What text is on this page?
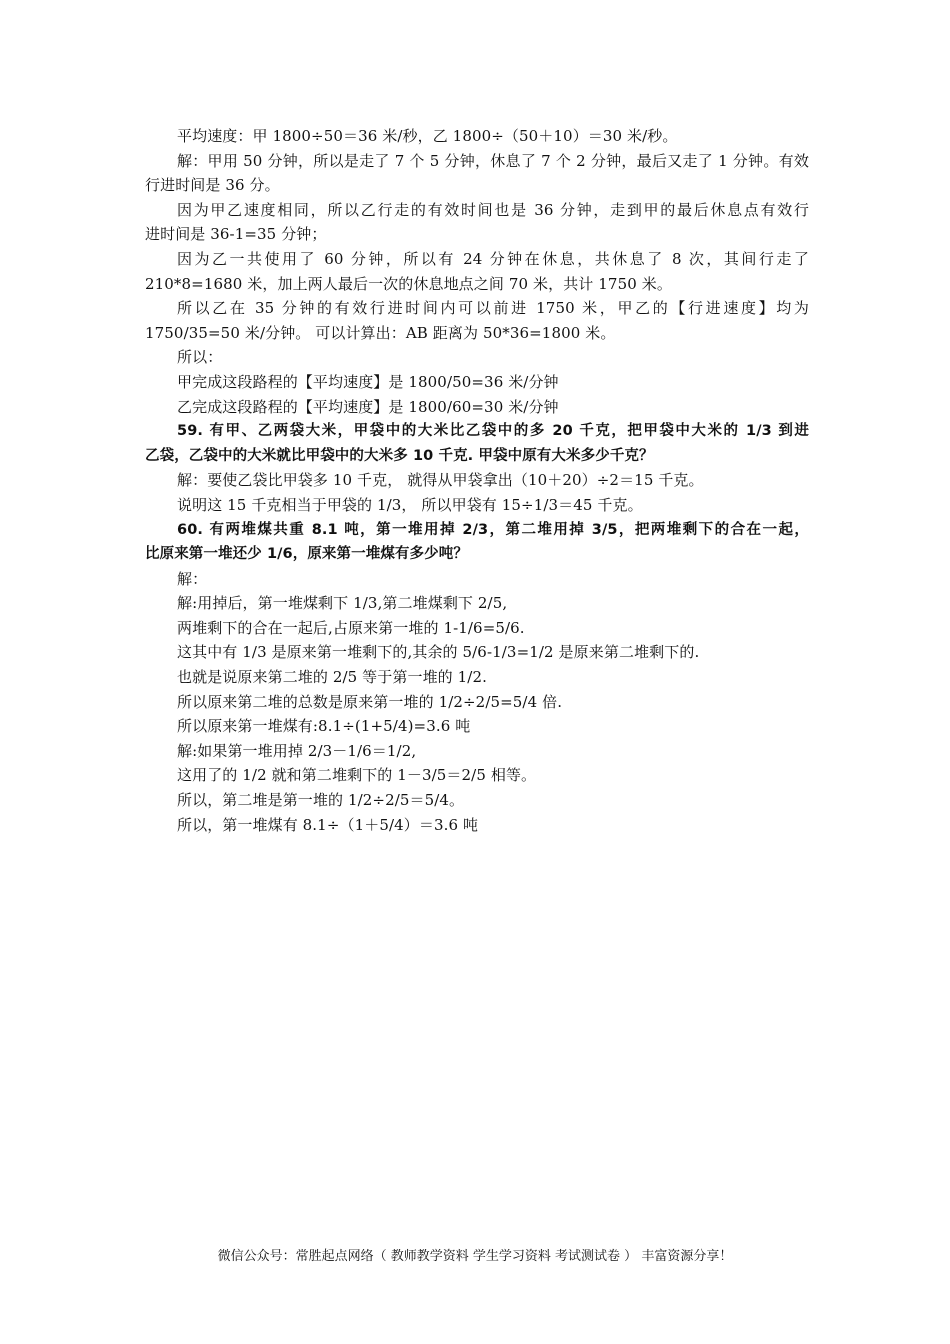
平均速度：甲 1800÷50＝36 米/秒，乙 1800÷（50＋10）＝30 米/秒。
解：甲用 50 分钟，所以是走了 7 个 5 分钟，休息了 7 个 2 分钟，最后又走了 1 分钟。有效
行进时间是 36 分。
因为甲乙速度相同，所以乙行走的有效时间也是 36 分钟，走到甲的最后休息点有效行
进时间是 36-1=35 分钟；
因为乙一共使用了 60 分钟，所以有 24 分钟在休息，共休息了 8 次，其间行走了
210*8=1680 米，加上两人最后一次的休息地点之间 70 米，共计 1750 米。
所以乙在 35 分钟的有效行进时间内可以前进 1750 米，甲乙的【行进速度】均为
1750/35=50 米/分钟。 可以计算出：AB 距离为 50*36=1800 米。
所以：
甲完成这段路程的【平均速度】是 1800/50=36 米/分钟
乙完成这段路程的【平均速度】是 1800/60=30 米/分钟
59. 有甲、乙两袋大米，甲袋中的大米比乙袋中的多 20 千克，把甲袋中大米的 1/3 到进
乙袋，乙袋中的大米就比甲袋中的大米多 10 千克. 甲袋中原有大米多少千克？
解：要使乙袋比甲袋多 10 千克， 就得从甲袋拿出（10＋20）÷2＝15 千克。
说明这 15 千克相当于甲袋的 1/3， 所以甲袋有 15÷1/3＝45 千克。
60. 有两堆煤共重 8.1 吨，第一堆用掉 2/3，第二堆用掉 3/5，把两堆剩下的合在一起，
比原来第一堆还少 1/6，原来第一堆煤有多少吨？
解：
解:用掉后，第一堆煤剩下 1/3,第二堆煤剩下 2/5,
两堆剩下的合在一起后,占原来第一堆的 1-1/6=5/6.
这其中有 1/3 是原来第一堆剩下的,其余的 5/6-1/3=1/2 是原来第二堆剩下的.
也就是说原来第二堆的 2/5 等于第一堆的 1/2.
所以原来第二堆的总数是原来第一堆的 1/2÷2/5=5/4 倍.
所以原来第一堆煤有:8.1÷(1+5/4)=3.6 吨
解:如果第一堆用掉 2/3－1/6＝1/2,
这用了的 1/2 就和第二堆剩下的 1－3/5＝2/5 相等。
所以，第二堆是第一堆的 1/2÷2/5＝5/4。
所以，第一堆煤有 8.1÷（1＋5/4）＝3.6 吨
微信公众号：常胜起点网络（ 教师教学资料 学生学习资料 考试测试卷 ） 丰富资源分享！
